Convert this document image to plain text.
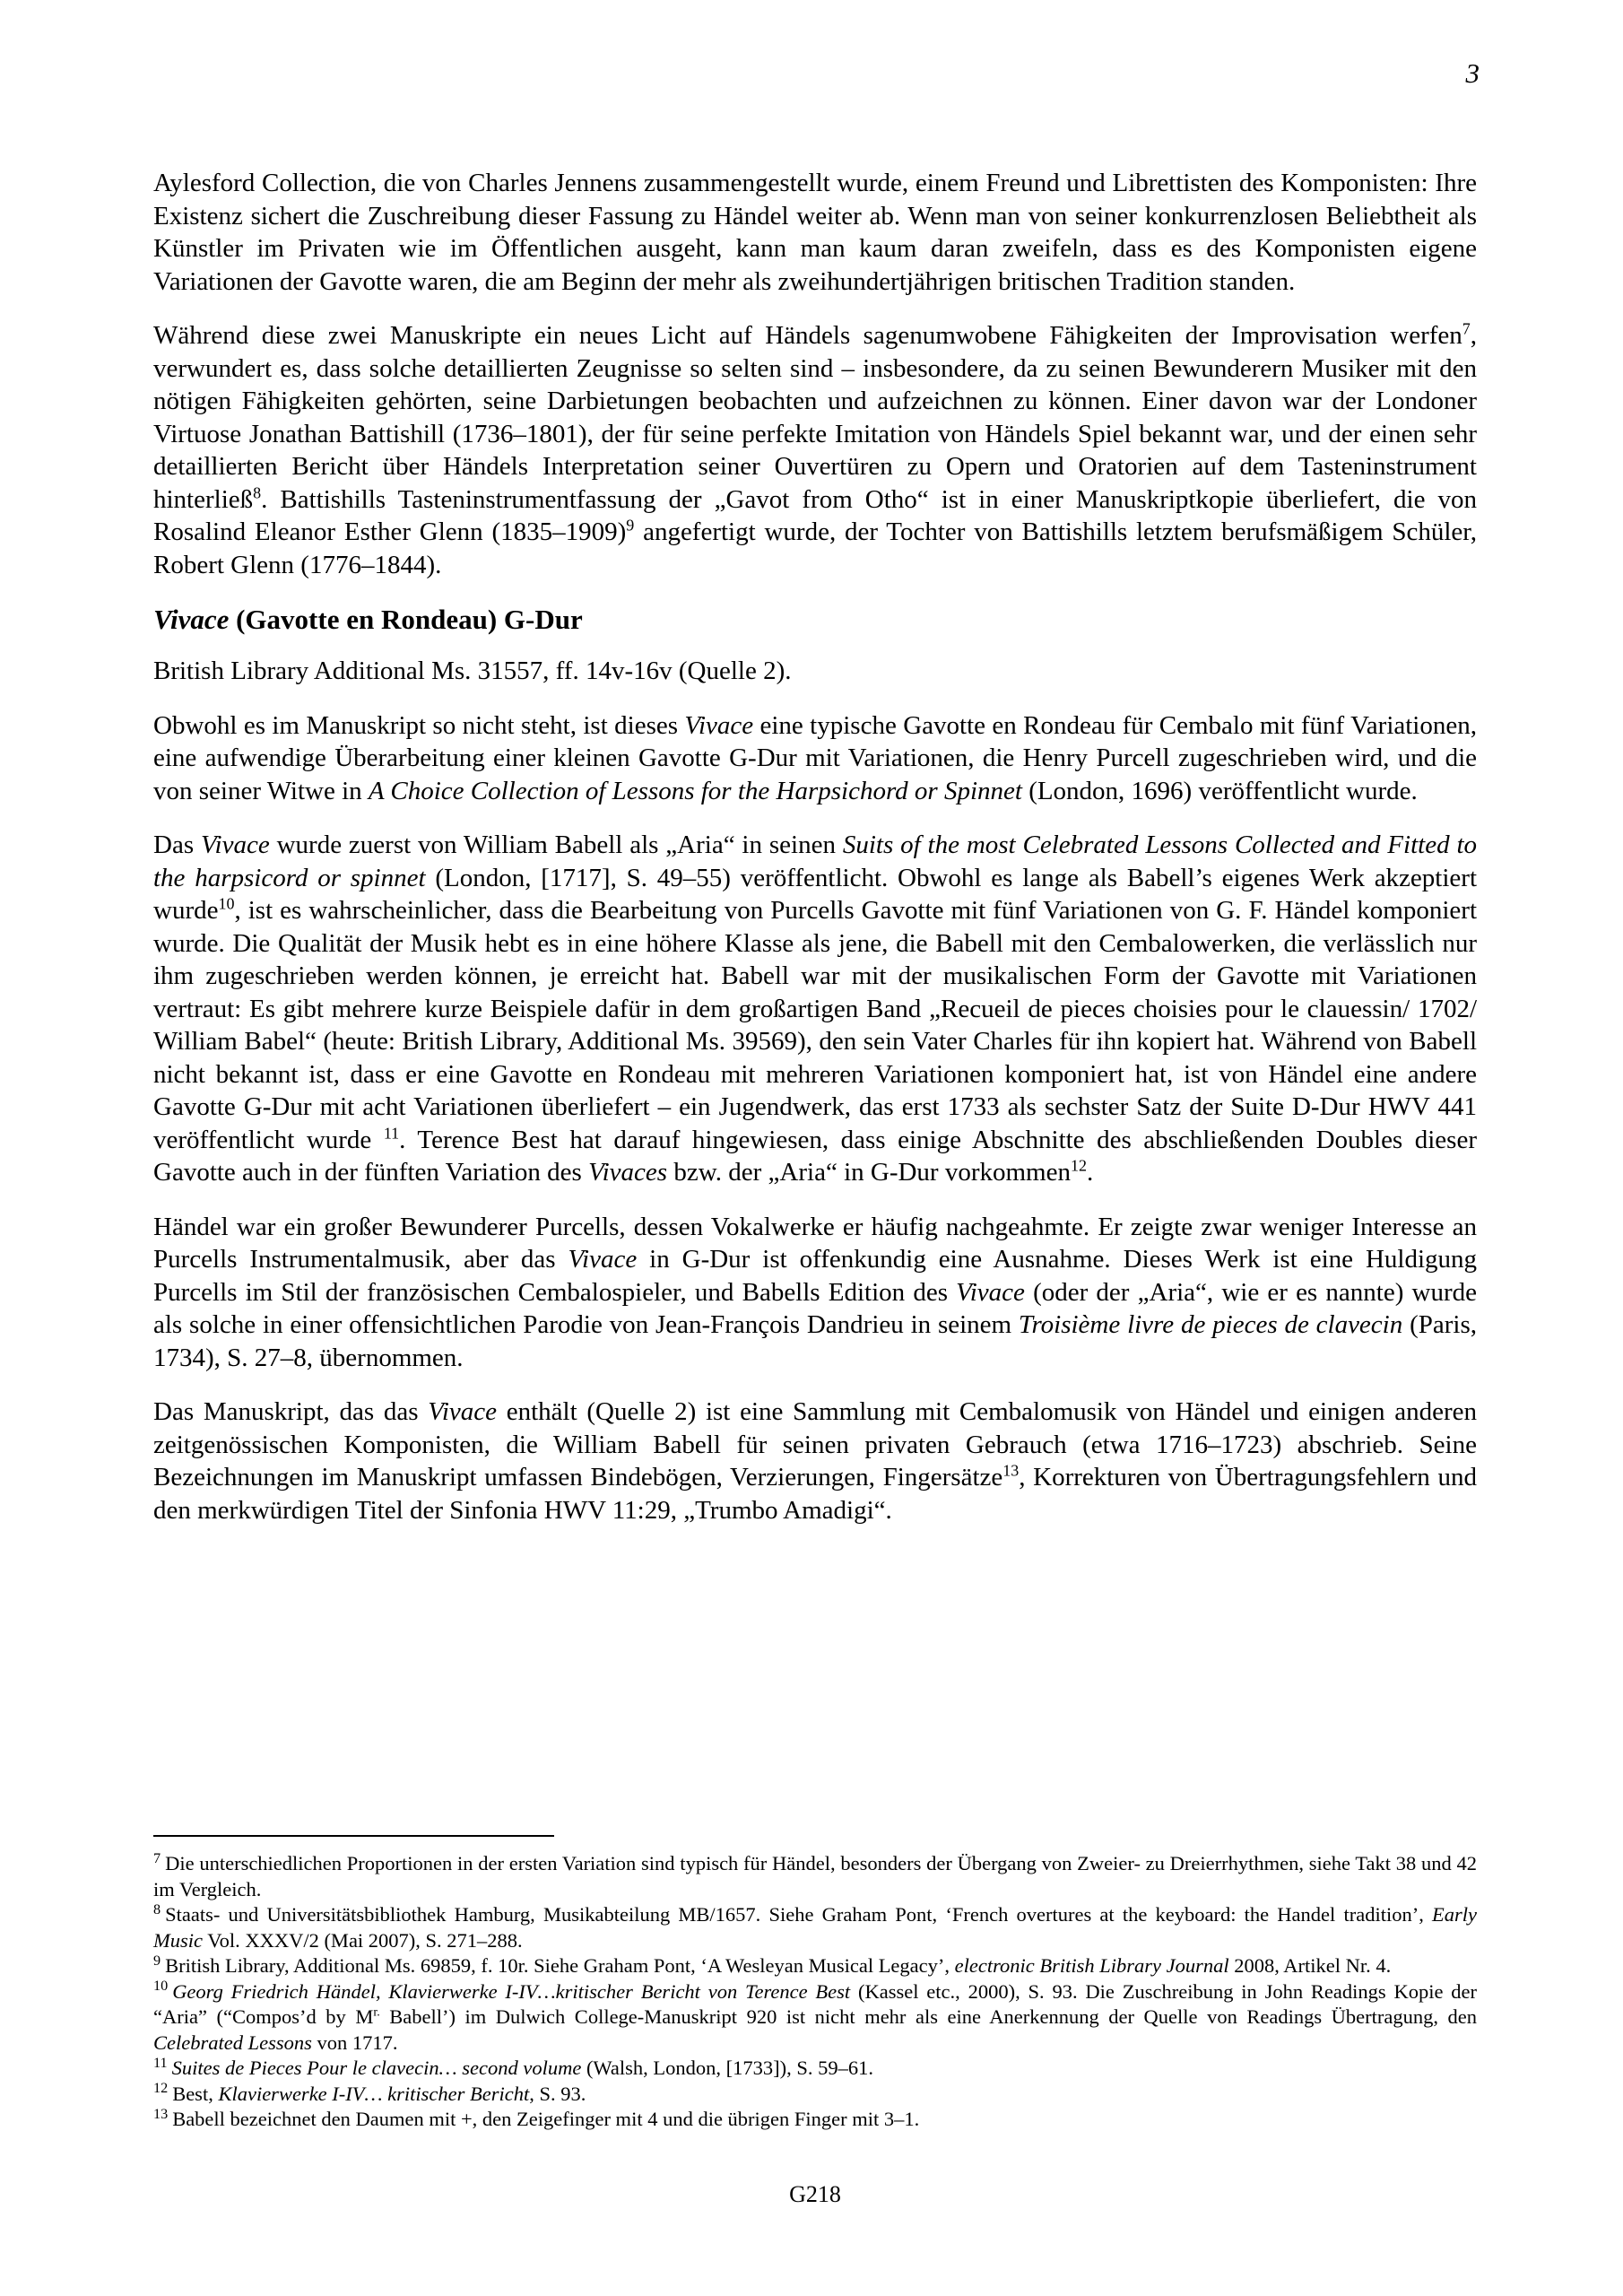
3

Aylesford Collection, die von Charles Jennens zusammengestellt wurde, einem Freund und Librettisten des Komponisten: Ihre Existenz sichert die Zuschreibung dieser Fassung zu Händel weiter ab. Wenn man von seiner konkurrenzlosen Beliebtheit als Künstler im Privaten wie im Öffentlichen ausgeht, kann man kaum daran zweifeln, dass es des Komponisten eigene Variationen der Gavotte waren, die am Beginn der mehr als zweihundertjährigen britischen Tradition standen.

Während diese zwei Manuskripte ein neues Licht auf Händels sagenumwobene Fähigkeiten der Improvisation werfen$^7$, verwundert es, dass solche detaillierten Zeugnisse so selten sind – insbesondere, da zu seinen Bewunderern Musiker mit den nötigen Fähigkeiten gehörten, seine Darbietungen beobachten und aufzeichnen zu können. Einer davon war der Londoner Virtuose Jonathan Battishill (1736–1801), der für seine perfekte Imitation von Händels Spiel bekannt war, und der einen sehr detaillierten Bericht über Händels Interpretation seiner Ouvertüren zu Opern und Oratorien auf dem Tasteninstrument hinterließ$^8$. Battishills Tasteninstrumentfassung der „Gavot from Otho“ ist in einer Manuskriptkopie überliefert, die von Rosalind Eleanor Esther Glenn (1835–1909)$^9$ angefertigt wurde, der Tochter von Battishills letztem berufsmäßigem Schüler, Robert Glenn (1776–1844).

Vivace (Gavotte en Rondeau) G-Dur

British Library Additional Ms. 31557, ff. 14v-16v (Quelle 2).

Obwohl es im Manuskript so nicht steht, ist dieses Vivace eine typische Gavotte en Rondeau für Cembalo mit fünf Variationen, eine aufwendige Überarbeitung einer kleinen Gavotte G-Dur mit Variationen, die Henry Purcell zugeschrieben wird, und die von seiner Witwe in A Choice Collection of Lessons for the Harpsichord or Spinnet (London, 1696) veröffentlicht wurde.

Das Vivace wurde zuerst von William Babell als „Aria“ in seinen Suits of the most Celebrated Lessons Collected and Fitted to the harpsicord or spinnet (London, [1717], S. 49–55) veröffentlicht. Obwohl es lange als Babell’s eigenes Werk akzeptiert wurde$^{10}$, ist es wahrscheinlicher, dass die Bearbeitung von Purcells Gavotte mit fünf Variationen von G. F. Händel komponiert wurde. Die Qualität der Musik hebt es in eine höhere Klasse als jene, die Babell mit den Cembalowerken, die verlässlich nur ihm zugeschrieben werden können, je erreicht hat. Babell war mit der musikalischen Form der Gavotte mit Variationen vertraut: Es gibt mehrere kurze Beispiele dafür in dem großartigen Band „Recueil de pieces choisies pour le clauessin/ 1702/ William Babel“ (heute: British Library, Additional Ms. 39569), den sein Vater Charles für ihn kopiert hat. Während von Babell nicht bekannt ist, dass er eine Gavotte en Rondeau mit mehreren Variationen komponiert hat, ist von Händel eine andere Gavotte G-Dur mit acht Variationen überliefert – ein Jugendwerk, das erst 1733 als sechster Satz der Suite D-Dur HWV 441 veröffentlicht wurde $^{11}$. Terence Best hat darauf hingewiesen, dass einige Abschnitte des abschließenden Doubles dieser Gavotte auch in der fünften Variation des Vivaces bzw. der „Aria“ in G-Dur vorkommen$^{12}$.

Händel war ein großer Bewunderer Purcells, dessen Vokalwerke er häufig nachgeahmte. Er zeigte zwar weniger Interesse an Purcells Instrumentalmusik, aber das Vivace in G-Dur ist offenkundig eine Ausnahme. Dieses Werk ist eine Huldigung Purcells im Stil der französischen Cembalospieler, und Babells Edition des Vivace (oder der „Aria“, wie er es nannte) wurde als solche in einer offensichtlichen Parodie von Jean-François Dandrieu in seinem Troisième livre de pieces de clavecin (Paris, 1734), S. 27–8, übernommen.

Das Manuskript, das das Vivace enthält (Quelle 2) ist eine Sammlung mit Cembalomusik von Händel und einigen anderen zeitgenössischen Komponisten, die William Babell für seinen privaten Gebrauch (etwa 1716–1723) abschrieb. Seine Bezeichnungen im Manuskript umfassen Bindebögen, Verzierungen, Fingersätze$^{13}$, Korrekturen von Übertragungsfehlern und den merkwürdigen Titel der Sinfonia HWV 11:29, „Trumbo Amadigi“.

$^7$ Die unterschiedlichen Proportionen in der ersten Variation sind typisch für Händel, besonders der Übergang von Zweier- zu Dreierrhythmen, siehe Takt 38 und 42 im Vergleich.
$^8$ Staats- und Universitätsbibliothek Hamburg, Musikabteilung MB/1657. Siehe Graham Pont, ‘French overtures at the keyboard: the Handel tradition’, Early Music Vol. XXXV/2 (Mai 2007), S. 271–288.
$^9$ British Library, Additional Ms. 69859, f. 10r. Siehe Graham Pont, ‘A Wesleyan Musical Legacy’, electronic British Library Journal 2008, Artikel Nr. 4.
$^{10}$ Georg Friedrich Händel, Klavierwerke I-IV…kritischer Bericht von Terence Best (Kassel etc., 2000), S. 93. Die Zuschreibung in John Readings Kopie der “Aria” (“Compos’d by $M^{r.}$ Babell’) im Dulwich College-Manuskript 920 ist nicht mehr als eine Anerkennung der Quelle von Readings Übertragung, den Celebrated Lessons von 1717.
$^{11}$ Suites de Pieces Pour le clavecin… second volume (Walsh, London, [1733]), S. 59–61.
$^{12}$ Best, Klavierwerke I-IV… kritischer Bericht, S. 93.
$^{13}$ Babell bezeichnet den Daumen mit +, den Zeigefinger mit 4 und die übrigen Finger mit 3–1.
G218
